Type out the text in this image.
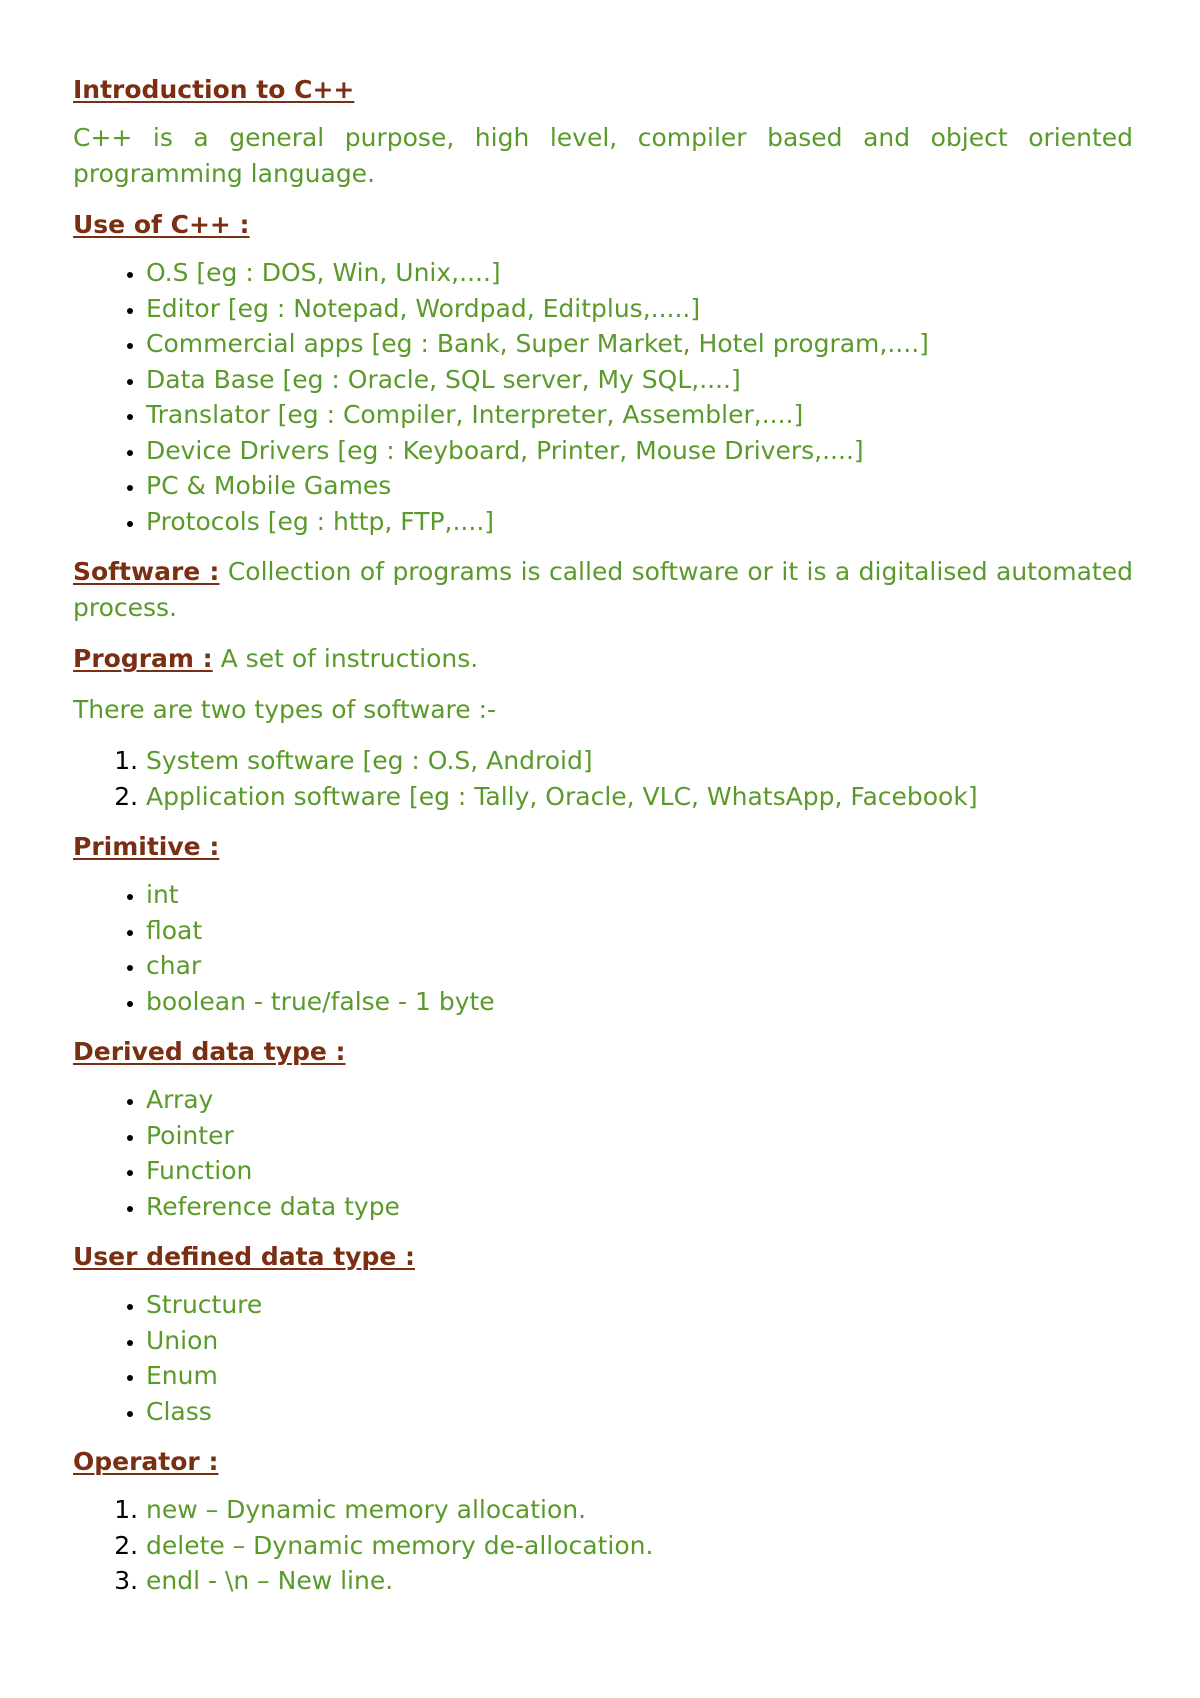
Introduction to C++

C++ is a general purpose, high level, compiler based and object oriented programming language.

Use of C++ :

• O.S [eg : DOS, Win, Unix,....]
• Editor [eg : Notepad, Wordpad, Editplus,.....]
• Commercial apps [eg : Bank, Super Market, Hotel program,....]
• Data Base [eg : Oracle, SQL server, My SQL,....]
• Translator [eg : Compiler, Interpreter, Assembler,....]
• Device Drivers [eg : Keyboard, Printer, Mouse Drivers,....]
• PC & Mobile Games
• Protocols [eg : http, FTP,....]

Software : Collection of programs is called software or it is a digitalised automated process.

Program : A set of instructions.

There are two types of software :-

1. System software [eg : O.S, Android]
2. Application software [eg : Tally, Oracle, VLC, WhatsApp, Facebook]

Primitive :

• int
• float
• char
• boolean - true/false - 1 byte

Derived data type :

• Array
• Pointer
• Function
• Reference data type

User defined data type :

• Structure
• Union
• Enum
• Class

Operator :

1. new – Dynamic memory allocation.
2. delete – Dynamic memory de-allocation.
3. endl - \n – New line.
